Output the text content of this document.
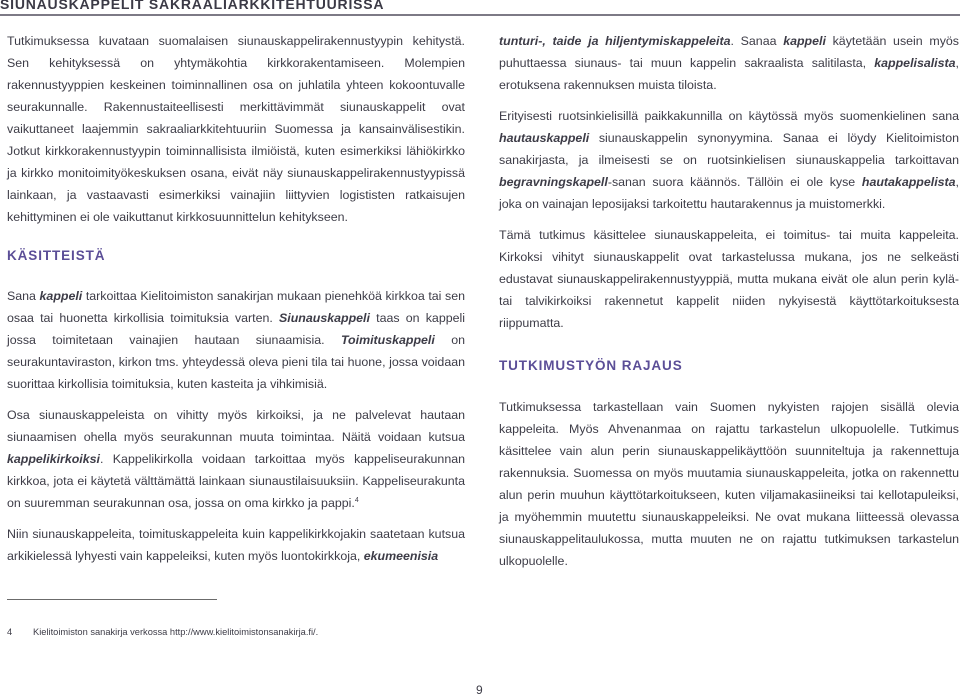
SIUNAUSKAPPELIT SAKRAALIARKKITEHTUURISSA

Tutkimuksessa kuvataan suomalaisen siunauskappelirakennustyypin kehitystä. Sen kehityksessä on yhtymäkohtia kirkkorakentamiseen. Molempien rakennustyyppien keskeinen toiminnallinen osa on juhlatila yhteen kokoontuvalle seurakunnalle. Rakennustaiteellisesti merkittävimmät siunauskappelit ovat vaikuttaneet laajemmin sakraaliarkkitehtuuriin Suomessa ja kansainvälisestikin. Jotkut kirkkorakennustyypin toiminnallisista ilmiöistä, kuten esimerkiksi lähiökirkko ja kirkko monitoimityökeskuksen osana, eivät näy siunauskappelirakennustyypissä lainkaan, ja vastaavasti esimerkiksi vainajiin liittyvien logististen ratkaisujen kehittyminen ei ole vaikuttanut kirkkosuunnittelun kehitykseen.

KÄSITTEISTÄ

Sana kappeli tarkoittaa Kielitoimiston sanakirjan mukaan pienehköä kirkkoa tai sen osaa tai huonetta kirkollisia toimituksia varten. Siunauskappeli taas on kappeli jossa toimitetaan vainajien hautaan siunaamisia. Toimituskappeli on seurakuntaviraston, kirkon tms. yhteydessä oleva pieni tila tai huone, jossa voidaan suorittaa kirkollisia toimituksia, kuten kasteita ja vihkimisiä.

Osa siunauskappeleista on vihitty myös kirkoiksi, ja ne palvelevat hautaan siunaamisen ohella myös seurakunnan muuta toimintaa. Näitä voidaan kutsua kappelikirkoiksi. Kappelikirkolla voidaan tarkoittaa myös kappeliseurakunnan kirkkoa, jota ei käytetä välttämättä lainkaan siunaustilaisuuksiin. Kappeliseurakunta on suuremman seurakunnan osa, jossa on oma kirkko ja pappi.$^4$

Niin siunauskappeleita, toimituskappeleita kuin kappelikirkkojakin saatetaan kutsua arkikielessä lyhyesti vain kappeleiksi, kuten myös luontokirkkoja, ekumeenisia

tunturi-, taide ja hiljentymiskappeleita. Sanaa kappeli käytetään usein myös puhuttaessa siunaus- tai muun kappelin sakraalista salitilasta, kappelisalista, erotuksena rakennuksen muista tiloista.

Erityisesti ruotsinkielisillä paikkakunnilla on käytössä myös suomenkielinen sana hautauskappeli siunauskappelin synonyymina. Sanaa ei löydy Kielitoimiston sanakirjasta, ja ilmeisesti se on ruotsinkielisen siunauskappelia tarkoittavan begravningskapell-sanan suora käännös. Tällöin ei ole kyse hautakappelista, joka on vainajan leposijaksi tarkoitettu hautarakennus ja muistomerkki.

Tämä tutkimus käsittelee siunauskappeleita, ei toimitus- tai muita kappeleita. Kirkoksi vihityt siunauskappelit ovat tarkastelussa mukana, jos ne selkeästi edustavat siunauskappelirakennustyyppiä, mutta mukana eivät ole alun perin kylä- tai talvikirkoiksi rakennetut kappelit niiden nykyisestä käyttötarkoituksesta riippumatta.

TUTKIMUSTYÖN RAJAUS

Tutkimuksessa tarkastellaan vain Suomen nykyisten rajojen sisällä olevia kappeleita. Myös Ahvenanmaa on rajattu tarkastelun ulkopuolelle. Tutkimus käsittelee vain alun perin siunauskappelikäyttöön suunniteltuja ja rakennettuja rakennuksia. Suomessa on myös muutamia siunauskappeleita, jotka on rakennettu alun perin muuhun käyttötarkoitukseen, kuten viljamakasiineiksi tai kellotapuleiksi, ja myöhemmin muutettu siunauskappeleiksi. Ne ovat mukana liitteessä olevassa siunauskappelitaulukossa, mutta muuten ne on rajattu tutkimuksen tarkastelun ulkopuolelle.

4 Kielitoimiston sanakirja verkossa http://www.kielitoimistonsanakirja.fi/.
9
